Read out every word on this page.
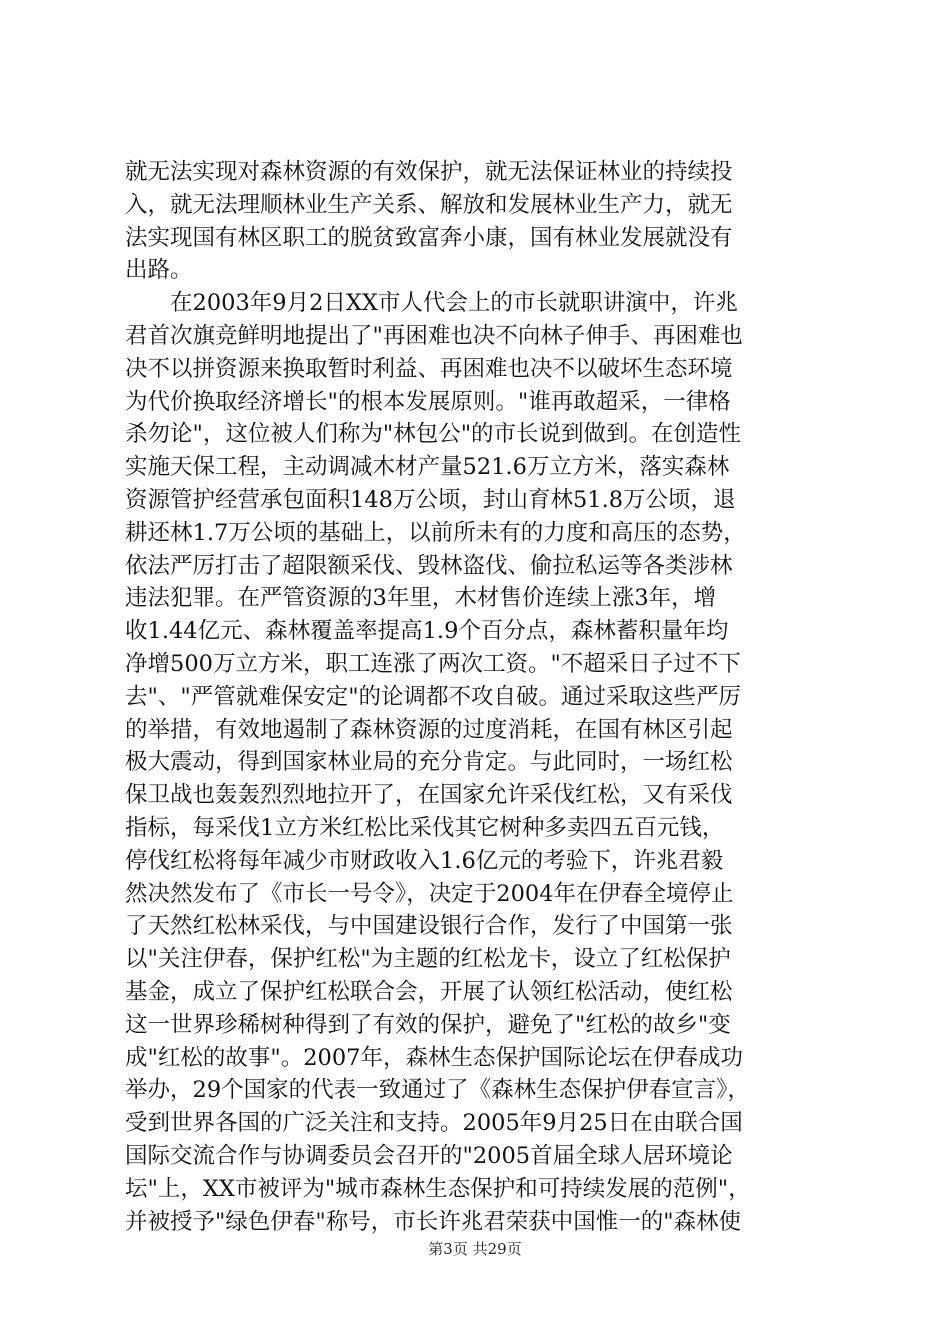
就无法实现对森林资源的有效保护，就无法保证林业的持续投
入，就无法理顺林业生产关系、解放和发展林业生产力，就无
法实现国有林区职工的脱贫致富奔小康，国有林业发展就没有
出路。
　　在2003年9月2日XX市人代会上的市长就职讲演中，许兆
君首次旗竞鲜明地提出了"再困难也决不向林子伸手、再困难也
决不以拼资源来换取暂时利益、再困难也决不以破坏生态环境
为代价换取经济增长"的根本发展原则。"谁再敢超采，一律格
杀勿论"，这位被人们称为"林包公"的市长说到做到。在创造性
实施天保工程，主动调减木材产量521.6万立方米，落实森林
资源管护经营承包面积148万公顷，封山育林51.8万公顷，退
耕还林1.7万公顷的基础上，以前所未有的力度和高压的态势，
依法严厉打击了超限额采伐、毁林盗伐、偷拉私运等各类涉林
违法犯罪。在严管资源的3年里，木材售价连续上涨3年，增
收1.44亿元、森林覆盖率提高1.9个百分点，森林蓄积量年均
净增500万立方米，职工连涨了两次工资。"不超采日子过不下
去"、"严管就难保安定"的论调都不攻自破。通过采取这些严厉
的举措，有效地遏制了森林资源的过度消耗，在国有林区引起
极大震动，得到国家林业局的充分肯定。与此同时，一场红松
保卫战也轰轰烈烈地拉开了，在国家允许采伐红松，又有采伐
指标，每采伐1立方米红松比采伐其它树种多卖四五百元钱，
停伐红松将每年减少市财政收入1.6亿元的考验下，许兆君毅
然决然发布了《市长一号令》，决定于2004年在伊春全境停止
了天然红松林采伐，与中国建设银行合作，发行了中国第一张
以"关注伊春，保护红松"为主题的红松龙卡，设立了红松保护
基金，成立了保护红松联合会，开展了认领红松活动，使红松
这一世界珍稀树种得到了有效的保护，避免了"红松的故乡"变
成"红松的故事"。2007年，森林生态保护国际论坛在伊春成功
举办，29个国家的代表一致通过了《森林生态保护伊春宣言》，
受到世界各国的广泛关注和支持。2005年9月25日在由联合国
国际交流合作与协调委员会召开的"2005首届全球人居环境论
坛"上，XX市被评为"城市森林生态保护和可持续发展的范例"，
并被授予"绿色伊春"称号，市长许兆君荣获中国惟一的"森林使
第3页 共29页
